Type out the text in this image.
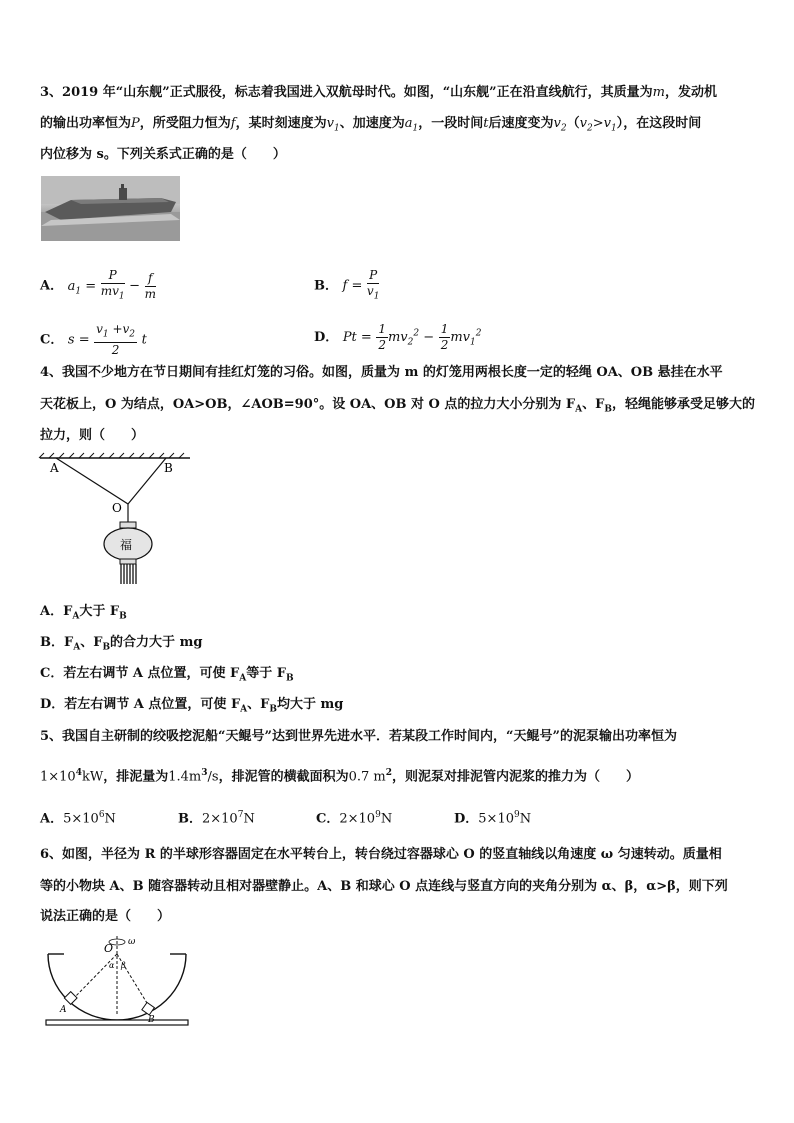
3、2019 年“山东舰”正式服役，标志着我国进入双航母时代。如图，“山东舰”正在沿直线航行，其质量为m，发动机
的输出功率恒为P，所受阻力恒为f，某时刻速度为$v_1$、加速度为$a_1$，一段时间t后速度变为$v_2(v_2>v_1)$，在这段时间
内位移为 s。下列关系式正确的是（　　）
A． $a_1 = \frac{P}{mv_1} - \frac{f}{m}$	B． $f = \frac{P}{v_1}$
C． $s = \frac{v_1 +v_2}{2}$ t	D． $Pt = \frac{1}{2} mv_2^2 - \frac{1}{2} mv_1^2$
4、我国不少地方在节日期间有挂红灯笼的习俗。如图，质量为 m 的灯笼用两根长度一定的轻绳 OA、OB 悬挂在水平
天花板上，O 为结点，OA>OB，∠AOB=90°。设 OA、OB 对 O 点的拉力大小分别为 $F_A$、$F_B$，轻绳能够承受足够大的
拉力，则（　　）
A	B
O
福
A．$F_A$大于 $F_B$
B．$F_A$、$F_B$的合力大于 mg
C．若左右调节 A 点位置，可使 $F_A$等于 $F_B$
D．若左右调节 A 点位置，可使 $F_A$、$F_B$均大于 mg
5、我国自主研制的绞吸挖泥船“天鲲号”达到世界先进水平．若某段工作时间内，“天鲲号”的泥泵输出功率恒为
$1\times 10^4kW$，排泥量为$1.4m^3/s$，排泥管的横截面积为0.7 $m^2$，则泥泵对排泥管内泥浆的推力为（　　）
A．$5\times 10^6N$	B．$2\times 10^7N$	C．$2\times 10^9N$	D．$5\times 10^9N$
6、如图，半径为 R 的半球形容器固定在水平转台上，转台绕过容器球心 O 的竖直轴线以角速度 ω 匀速转动。质量相
等的小物块 A、B 随容器转动且相对器壁静止。A、B 和球心 O 点连线与竖直方向的夹角分别为 α、β，α>β，则下列
说法正确的是（　　）
O ω
α β
A
B
